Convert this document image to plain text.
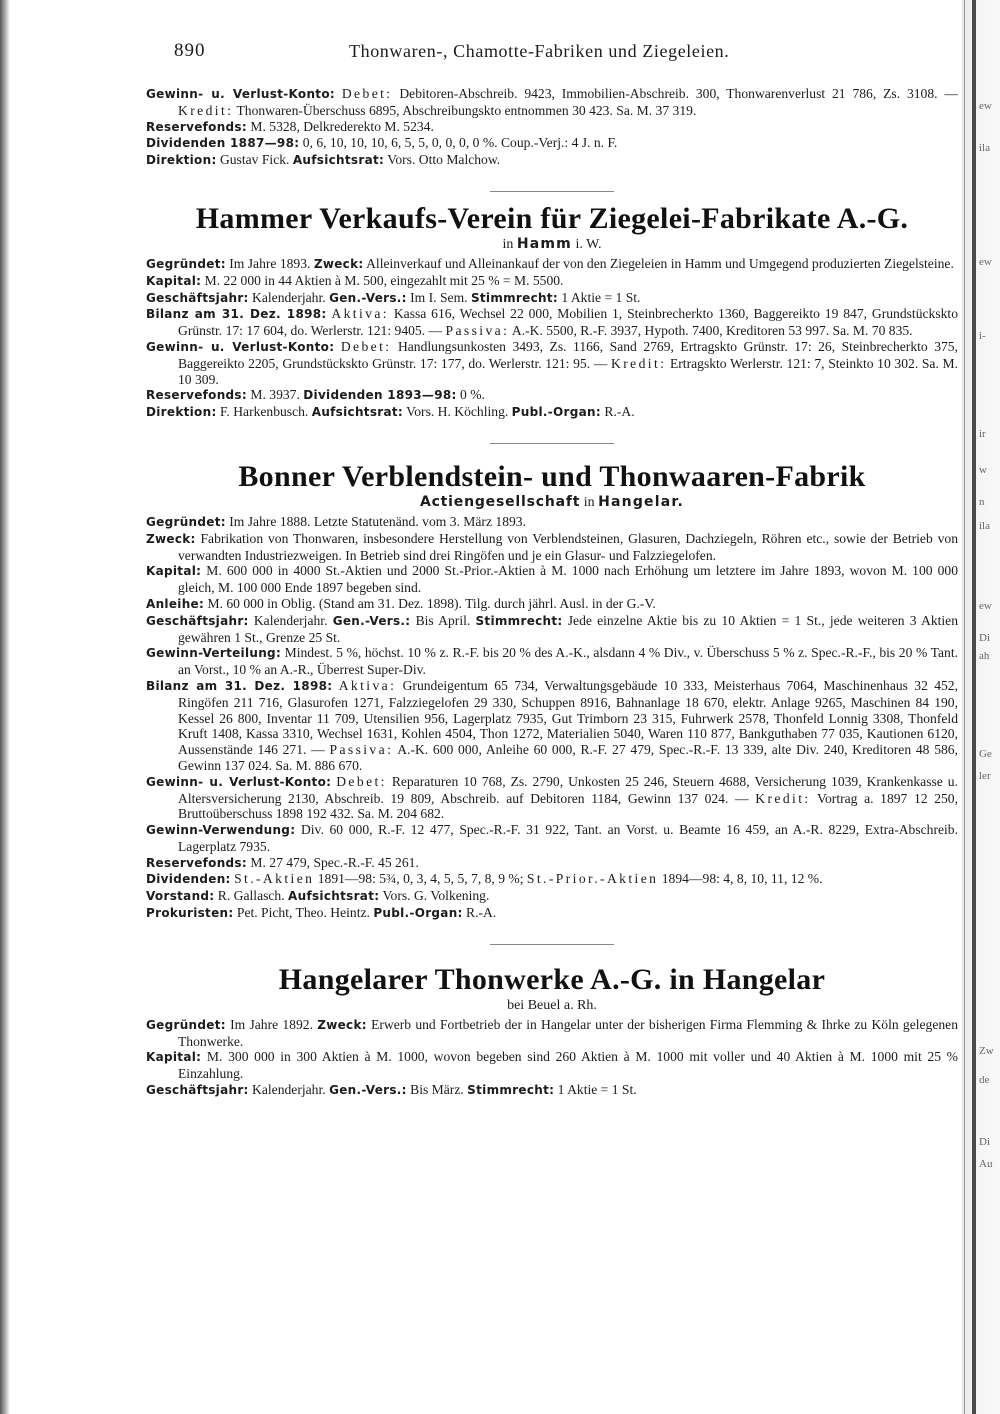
ew
ila
ew
i-
ir
w
n
ila
ew
Di
ah
Ge
ler
Zw
de
Di
Au
890	Thonwaren-, Chamotte-Fabriken und Ziegeleien.

Gewinn- u. Verlust-Konto: Debet: Debitoren-Abschreib. 9423, Immobilien-Abschreib. 300, Thonwarenverlust 21 786, Zs. 3108. — Kredit: Thonwaren-Überschuss 6895, Abschreibungskto entnommen 30 423. Sa. M. 37 319.

Reservefonds: M. 5328, Delkrederekto M. 5234.

Dividenden 1887—98: 0, 6, 10, 10, 10, 6, 5, 5, 0, 0, 0, 0 %. Coup.-Verj.: 4 J. n. F.

Direktion: Gustav Fick. Aufsichtsrat: Vors. Otto Malchow.

Hammer Verkaufs-Verein für Ziegelei-Fabrikate A.-G.
in Hamm i. W.

Gegründet: Im Jahre 1893. Zweck: Alleinverkauf und Alleinankauf der von den Ziegeleien in Hamm und Umgegend produzierten Ziegelsteine.

Kapital: M. 22 000 in 44 Aktien à M. 500, eingezahlt mit 25 % = M. 5500.

Geschäftsjahr: Kalenderjahr. Gen.-Vers.: Im I. Sem. Stimmrecht: 1 Aktie = 1 St.

Bilanz am 31. Dez. 1898: Aktiva: Kassa 616, Wechsel 22 000, Mobilien 1, Steinbrecherkto 1360, Baggereikto 19 847, Grundstückskto Grünstr. 17: 17 604, do. Werlerstr. 121: 9405. — Passiva: A.-K. 5500, R.-F. 3937, Hypoth. 7400, Kreditoren 53 997. Sa. M. 70 835.

Gewinn- u. Verlust-Konto: Debet: Handlungsunkosten 3493, Zs. 1166, Sand 2769, Ertragskto Grünstr. 17: 26, Steinbrecherkto 375, Baggereikto 2205, Grundstückskto Grünstr. 17: 177, do. Werlerstr. 121: 95. — Kredit: Ertragskto Werlerstr. 121: 7, Steinkto 10 302. Sa. M. 10 309.

Reservefonds: M. 3937. Dividenden 1893—98: 0 %.

Direktion: F. Harkenbusch. Aufsichtsrat: Vors. H. Köchling. Publ.-Organ: R.-A.

Bonner Verblendstein- und Thonwaaren-Fabrik
Actiengesellschaft in Hangelar.

Gegründet: Im Jahre 1888. Letzte Statutenänd. vom 3. März 1893.

Zweck: Fabrikation von Thonwaren, insbesondere Herstellung von Verblendsteinen, Glasuren, Dachziegeln, Röhren etc., sowie der Betrieb von verwandten Industriezweigen. In Betrieb sind drei Ringöfen und je ein Glasur- und Falzziegelofen.

Kapital: M. 600 000 in 4000 St.-Aktien und 2000 St.-Prior.-Aktien à M. 1000 nach Erhöhung um letztere im Jahre 1893, wovon M. 100 000 gleich, M. 100 000 Ende 1897 begeben sind.

Anleihe: M. 60 000 in Oblig. (Stand am 31. Dez. 1898). Tilg. durch jährl. Ausl. in der G.-V.

Geschäftsjahr: Kalenderjahr. Gen.-Vers.: Bis April. Stimmrecht: Jede einzelne Aktie bis zu 10 Aktien = 1 St., jede weiteren 3 Aktien gewähren 1 St., Grenze 25 St.

Gewinn-Verteilung: Mindest. 5 %, höchst. 10 % z. R.-F. bis 20 % des A.-K., alsdann 4 % Div., v. Überschuss 5 % z. Spec.-R.-F., bis 20 % Tant. an Vorst., 10 % an A.-R., Überrest Super-Div.

Bilanz am 31. Dez. 1898: Aktiva: Grundeigentum 65 734, Verwaltungsgebäude 10 333, Meisterhaus 7064, Maschinenhaus 32 452, Ringöfen 211 716, Glasurofen 1271, Falzziegelofen 29 330, Schuppen 8916, Bahnanlage 18 670, elektr. Anlage 9265, Maschinen 84 190, Kessel 26 800, Inventar 11 709, Utensilien 956, Lagerplatz 7935, Gut Trimborn 23 315, Fuhrwerk 2578, Thonfeld Lonnig 3308, Thonfeld Kruft 1408, Kassa 3310, Wechsel 1631, Kohlen 4504, Thon 1272, Materialien 5040, Waren 110 877, Bankguthaben 77 035, Kautionen 6120, Aussenstände 146 271. — Passiva: A.-K. 600 000, Anleihe 60 000, R.-F. 27 479, Spec.-R.-F. 13 339, alte Div. 240, Kreditoren 48 586, Gewinn 137 024. Sa. M. 886 670.

Gewinn- u. Verlust-Konto: Debet: Reparaturen 10 768, Zs. 2790, Unkosten 25 246, Steuern 4688, Versicherung 1039, Krankenkasse u. Altersversicherung 2130, Abschreib. 19 809, Abschreib. auf Debitoren 1184, Gewinn 137 024. — Kredit: Vortrag a. 1897 12 250, Bruttoüberschuss 1898 192 432. Sa. M. 204 682.

Gewinn-Verwendung: Div. 60 000, R.-F. 12 477, Spec.-R.-F. 31 922, Tant. an Vorst. u. Beamte 16 459, an A.-R. 8229, Extra-Abschreib. Lagerplatz 7935.

Reservefonds: M. 27 479, Spec.-R.-F. 45 261.

Dividenden: St.-Aktien 1891—98: 5¾, 0, 3, 4, 5, 5, 7, 8, 9 %; St.-Prior.-Aktien 1894—98: 4, 8, 10, 11, 12 %.

Vorstand: R. Gallasch. Aufsichtsrat: Vors. G. Volkening.

Prokuristen: Pet. Picht, Theo. Heintz. Publ.-Organ: R.-A.

Hangelarer Thonwerke A.-G. in Hangelar
bei Beuel a. Rh.

Gegründet: Im Jahre 1892. Zweck: Erwerb und Fortbetrieb der in Hangelar unter der bisherigen Firma Flemming & Ihrke zu Köln gelegenen Thonwerke.

Kapital: M. 300 000 in 300 Aktien à M. 1000, wovon begeben sind 260 Aktien à M. 1000 mit voller und 40 Aktien à M. 1000 mit 25 % Einzahlung.

Geschäftsjahr: Kalenderjahr. Gen.-Vers.: Bis März. Stimmrecht: 1 Aktie = 1 St.
